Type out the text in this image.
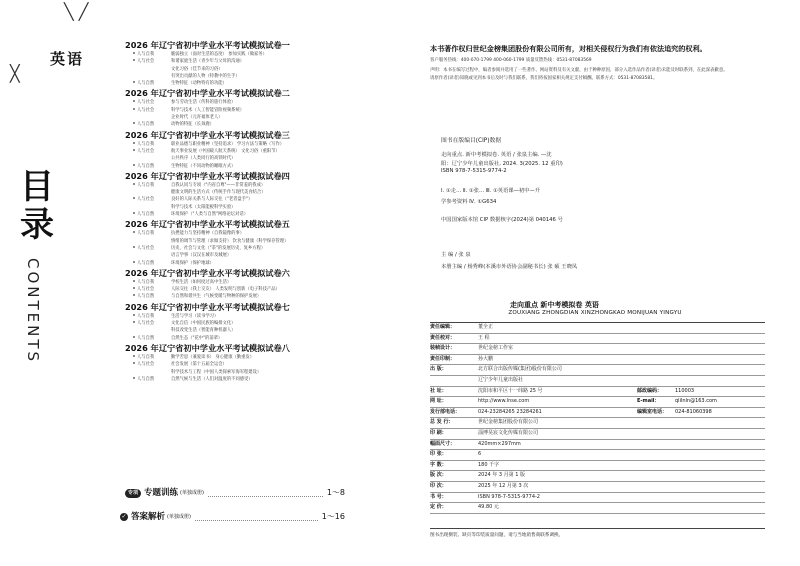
╲ ╱
╳
英语
目录
CONTENTS
2026 年辽宁省初中学业水平考试模拟试卷一
人与自我	脆弱独立（面对生活的态度） 参加实践（做家务）
人与社会	和谐家庭生活（青少年与父母的沟通）
文化习俗（佳节来的习俗）
有突出贡献的人物（特教中的生手）
人与自然	生物特征（动物特有的功能）
2026 年辽宁省初中学业水平考试模拟试卷二
人与社会	参与劳动生活（传科的旅行体验）
人与社会	科学与技术（人工智能冒险视频系统）
企业时代（元宵福体老人）
人与自然	动物的特征（长颈鹿）
2026 年辽宁省初中学业水平考试模拟试卷三
人与自我	职业品德与职业精神（坚持追求） 学习方法与策略（写作）
人与社会	航天事业发展（中国载人航天系统） 文化习俗（重阳节）
公共秩序（人类同行的高铁时代）
人与自然	生物特征（不同动物的睡眠方式）
2026 年辽宁省初中学业水平考试模拟试卷四
人与自我	自我认同与专项（"内省自尊"——非常羞的我成）
健康文明的生活方式（传统手作与现代美食结合）
人与社会	良好的人际关系与人际交往（"老者盘手"）
科学与技术（太阳能板科学实验）
人与自然	环境保护（"人类与自然"网络论坛对话）
2026 年辽宁省初中学业水平考试模拟试卷五
人与自我	抗挫能力与坚持精神（自我镜像的事）
情绪的调节与管理（求做支持） 饮食与健康（科学保存管理）
人与社会	历史、社会与文化（"茶"的发展历史、复乡方程）
语言学事（汉汉在城市及城展）
人与自然	环境保护（保护地球）
2026 年辽宁省初中学业水平考试模拟试卷六
人与自我	学校生活（如何度过高中生活）
人与社会	人际交往（我上交友） 人类发明与创新（电子科技产品）
人与自然	与自然和谐共生（气候变暖与物种的保护发展）
2026 年辽宁省初中学业水平考试模拟试卷七
人与自我	生活与学习（读书学习）
人与社会	文化自信（中国民族的编排文化）
科技改变生活（智能育种机器人）
人与自然	自然生态（"花中"的前辈）
2026 年辽宁省初中学业水平考试模拟试卷八
人与自我	勤学苦思（兼爱读书） 身心健康（勤重发）
人与社会	社会发展（第十五届全运会）
科学技术与工程（中国人类探索军海军程建设）
人与自然	自然气候与生活（人们对温度的不同感受）
专项 专题训练 (单独成册)	1～8
✓ 答案解析 (单独成册)	1～16
本书著作权归世纪金榜集团股份有限公司所有，对相关侵权行为我们有依法追究的权利。
客户服务热线：400-070-1799 400-060-1799 质量反馈热线：0531-87083569
声明：本书在编写过程中，编者参阅并选用了一些著作、网站资料及有关文献，由于种种原因，部分入选作品作者(译者)未能及时联系到，在此深表歉意。
请原作者(译者)知晓或见到本书后及时与我们联系，我们将按国家相关规定支付稿酬。联系方式：0531-87083581。
图书在版编目(CIP)数据
走向重点. 新中考模拟卷. 英语 / 张泉主编. —沈
阳：辽宁少年儿童出版社, 2024. 3(2025. 12 重印)
ISBN 978-7-5315-9774-2
Ⅰ. ①走… Ⅱ. ①张… Ⅲ. ①英语课—初中—升
学参考资料 Ⅳ. ①G634
中国国家版本馆 CIP 数据核字(2024)第 040146 号
主 编 / 张 泉
本册主编 / 杨秀峰(本溪市外语协会副秘书长) 张 硕 王晓凤
走向重点 新中考模拟卷 英语
ZOUXIANG ZHONGDIAN XINZHONGKAO MONIJUAN YINGYU
责任编辑：	董全正
责任校对：	王 程
装帧设计：	世纪金榜工作室
责任印制：	孙大鹏
出 版：	北方联合出版传媒(集团)股份有限公司
辽宁少年儿童出版社
社 址：	沈阳市和平区十一纬路 25 号	邮政编码：	110003
网 址：	http://www.lnse.com	E-mail：	qlilnln@163.com
发行部电话：	024-23284265 23284261	编辑室电话：	024-81060398
总 发 行：	世纪金榜集团股份有限公司
印 刷：	淄博昊宸文化传媒有限公司
幅面尺寸：	420mm×297mm
印 张：	6
字 数：	180 千字
版 次：	2024 年 3 月第 1 版
印 次：	2025 年 12 月第 3 次
书 号：	ISBN 978-7-5315-9774-2
定 价：	49.80 元
图书出现倒装、缺页等印装质量问题，请与当地销售商联系调换。
